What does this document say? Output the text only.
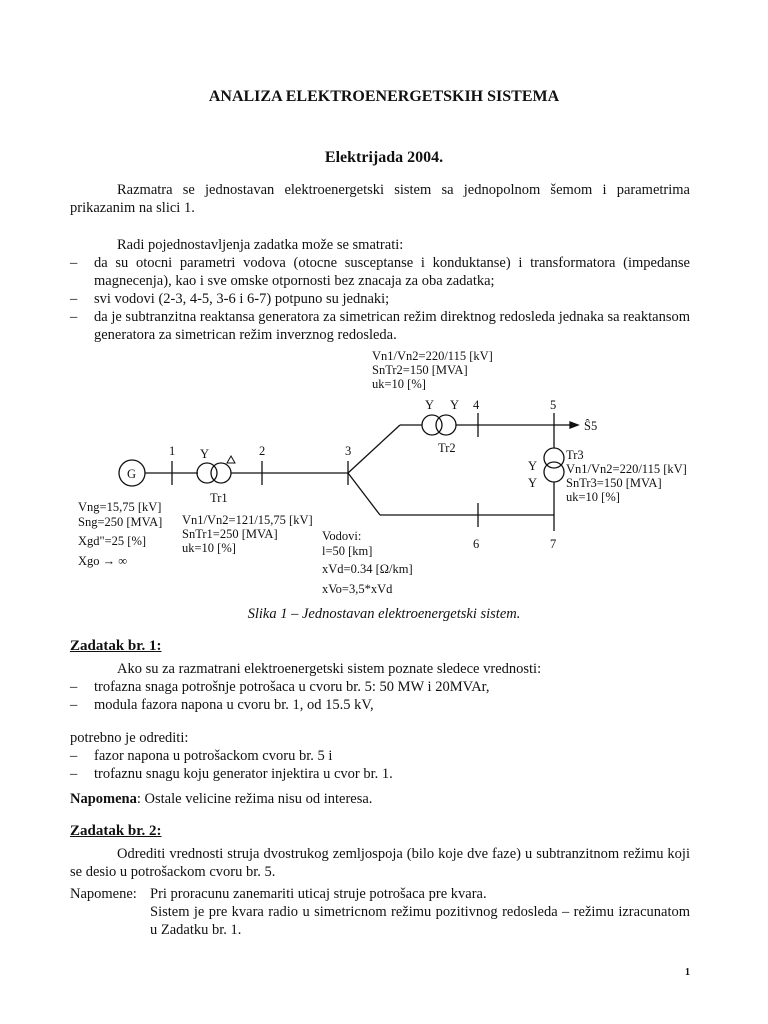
ANALIZA ELEKTROENERGETSKIH SISTEMA
Elektrijada 2004.
Razmatra se jednostavan elektroenergetski sistem sa jednopolnom šemom i parametrima prikazanim na slici 1.
Radi pojednostavljenja zadatka može se smatrati:
– da su otocni parametri vodova (otocne susceptanse i konduktanse) i transformatora (impedanse magnecenja), kao i sve omske otpornosti bez znacaja za oba zadatka;
– svi vodovi (2-3, 4-5, 3-6 i 6-7) potpuno su jednaki;
– da je subtranzitna reaktansa generatora za simetrican režim direktnog redosleda jednaka sa reaktansom generatora za simetrican režim inverznog redosleda.
G
1	2	3
4	5
6	7
Y
Y Y
Y
Y
Tr1
Tr2	Tr3
Ŝ5
Vn1/Vn2=220/115 [kV]
SnTr2=150 [MVA]
uk=10 [%]
Vn1/Vn2=220/115 [kV]
SnTr3=150 [MVA]
uk=10 [%]
Vng=15,75 [kV]
Sng=250 [MVA]
Xgd"=25 [%]
Xgo → ∞
Vn1/Vn2=121/15,75 [kV]
SnTr1=250 [MVA]
uk=10 [%]
Vodovi:
l=50 [km]
xVd=0.34 [Ω/km]
xVo=3,5*xVd
Slika 1 – Jednostavan elektroenergetski sistem.
Zadatak br. 1:
Ako su za razmatrani elektroenergetski sistem poznate sledece vrednosti:
– trofazna snaga potrošnje potrošaca u cvoru br. 5: 50 MW i 20MVAr,
– modula fazora napona u cvoru br. 1, od 15.5 kV,
potrebno je odrediti:
– fazor napona u potrošackom cvoru br. 5 i
– trofaznu snagu koju generator injektira u cvor br. 1.
Napomena: Ostale velicine režima nisu od interesa.
Zadatak br. 2:
Odrediti vrednosti struja dvostrukog zemljospoja (bilo koje dve faze) u subtranzitnom režimu koji se desio u potrošackom cvoru br. 5.
Napomene: Pri proracunu zanemariti uticaj struje potrošaca pre kvara.
Sistem je pre kvara radio u simetricnom režimu pozitivnog redosleda – režimu izracunatom u Zadatku br. 1.
1
